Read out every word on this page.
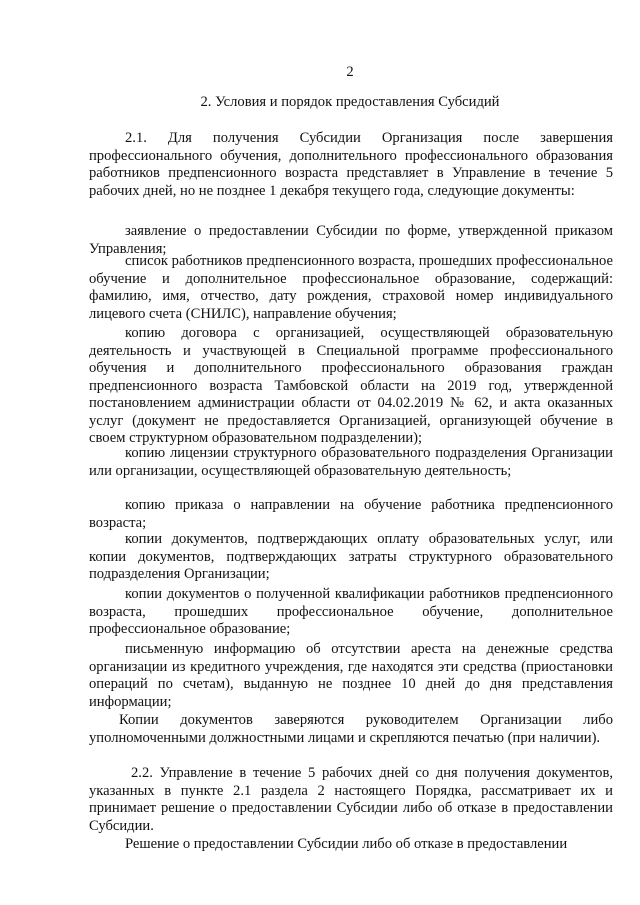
2
2. Условия и порядок предоставления Субсидий
2.1. Для получения Субсидии Организация после завершения профессионального обучения, дополнительного профессионального образования работников предпенсионного возраста представляет в Управление в течение 5 рабочих дней, но не позднее 1 декабря текущего года, следующие документы:
заявление о предоставлении Субсидии по форме, утвержденной приказом Управления;
список работников предпенсионного возраста, прошедших профессиональное обучение и дополнительное профессиональное образование, содержащий: фамилию, имя, отчество, дату рождения, страховой номер индивидуального лицевого счета (СНИЛС), направление обучения;
копию договора с организацией, осуществляющей образовательную деятельность и участвующей в Специальной программе профессионального обучения и дополнительного профессионального образования граждан предпенсионного возраста Тамбовской области на 2019 год, утвержденной постановлением администрации области от 04.02.2019 № 62, и акта оказанных услуг (документ не предоставляется Организацией, организующей обучение в своем структурном образовательном подразделении);
копию лицензии структурного образовательного подразделения Организации или организации, осуществляющей образовательную деятельность;
копию приказа о направлении на обучение работника предпенсионного возраста;
копии документов, подтверждающих оплату образовательных услуг, или копии документов, подтверждающих затраты структурного образовательного подразделения Организации;
копии документов о полученной квалификации работников предпенсионного возраста, прошедших профессиональное обучение, дополнительное профессиональное образование;
письменную информацию об отсутствии ареста на денежные средства организации из кредитного учреждения, где находятся эти средства (приостановки операций по счетам), выданную не позднее 10 дней до дня представления информации;
Копии документов заверяются руководителем Организации либо уполномоченными должностными лицами и скрепляются печатью (при наличии).
2.2. Управление в течение 5 рабочих дней со дня получения документов, указанных в пункте 2.1 раздела 2 настоящего Порядка, рассматривает их и принимает решение о предоставлении Субсидии либо об отказе в предоставлении Субсидии.
Решение о предоставлении Субсидии либо об отказе в предоставлении
